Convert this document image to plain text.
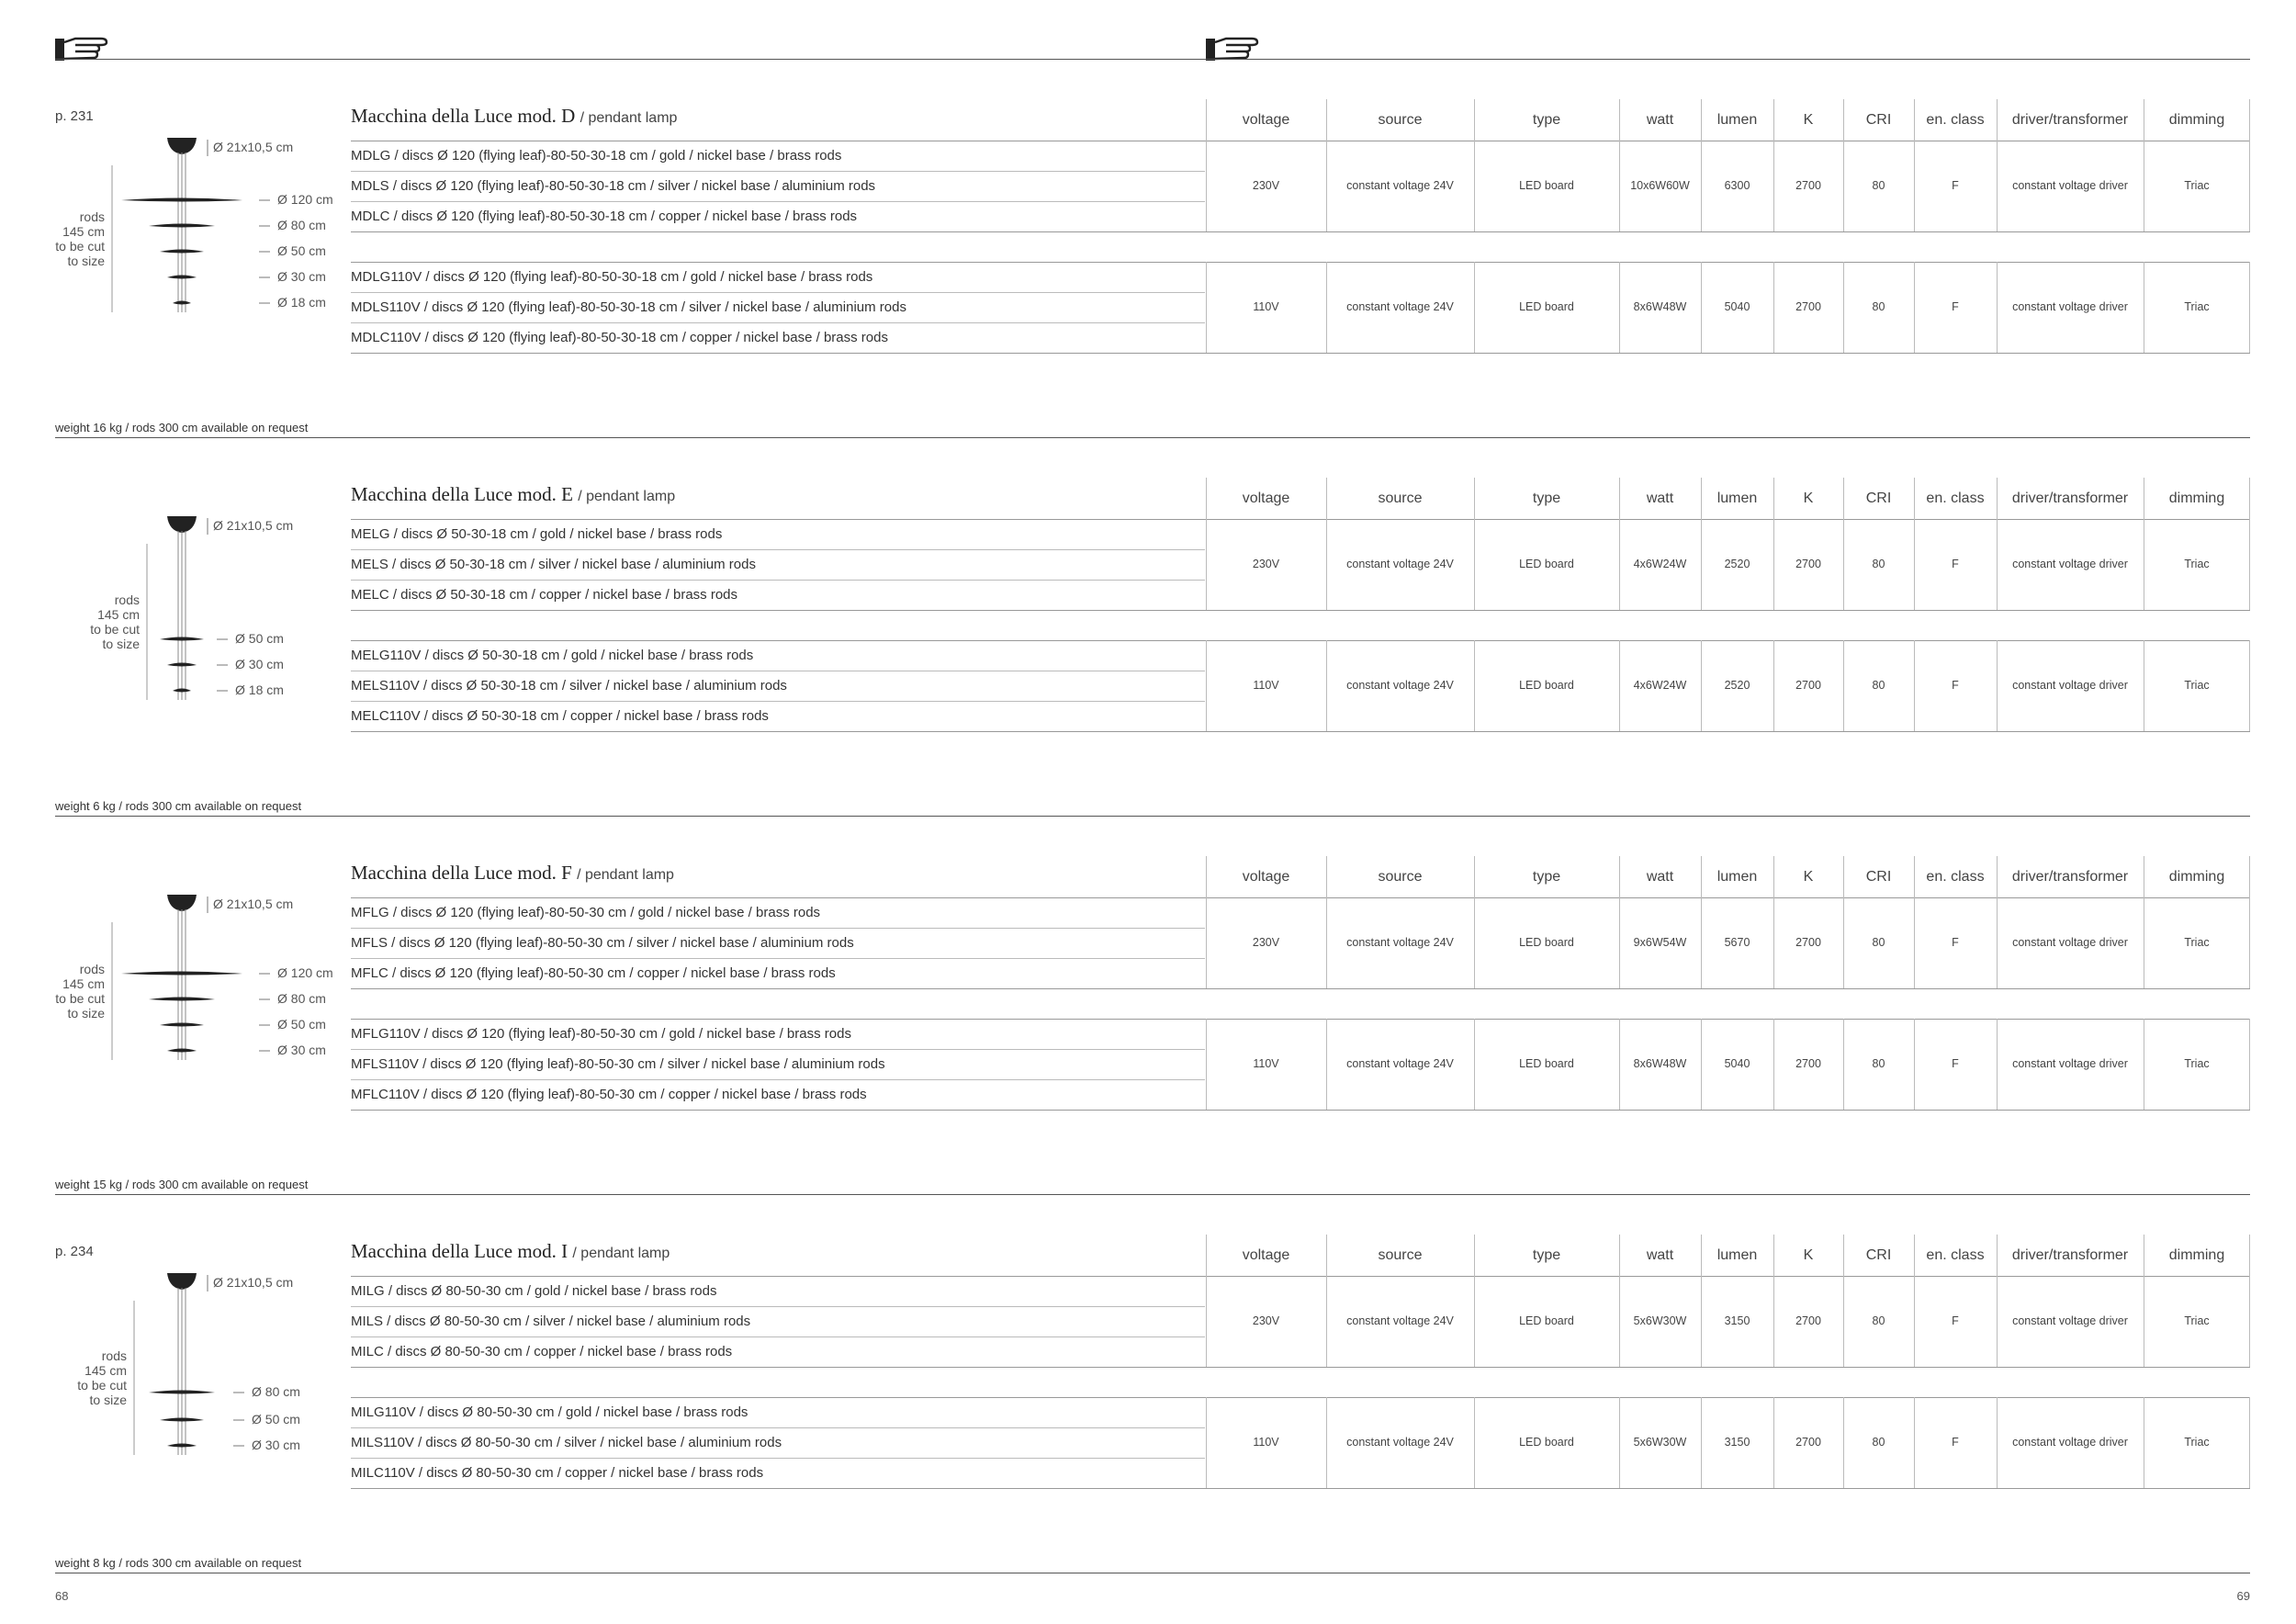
p. 231	Macchina della Luce mod. D / pendant lamp	voltage	source	type	watt	lumen	K	CRI	en. class	driver/transformer	dimming
MDLG / discs Ø 120 (flying leaf)-80-50-30-18 cm / gold / nickel base / brass rods
MDLS / discs Ø 120 (flying leaf)-80-50-30-18 cm / silver / nickel base / aluminium rods
MDLC / discs Ø 120 (flying leaf)-80-50-30-18 cm / copper / nickel base / brass rods
230V	constant voltage 24V	LED board	10x6W 60W	6300	2700	80	F	constant voltage driver	Triac
MDLG110V / discs Ø 120 (flying leaf)-80-50-30-18 cm / gold / nickel base / brass rods
MDLS110V / discs Ø 120 (flying leaf)-80-50-30-18 cm / silver / nickel base / aluminium rods
MDLC110V / discs Ø 120 (flying leaf)-80-50-30-18 cm / copper / nickel base / brass rods
110V	constant voltage 24V	LED board	8x6W 48W	5040	2700	80	F	constant voltage driver	Triac
weight 16 kg / rods 300 cm available on request
Ø 120 cm
Ø 80 cm
Ø 50 cm
Ø 30 cm
Ø 18 cm
Ø 21x10,5 cm
rods
145 cm
to be cut
to size
Macchina della Luce mod. E / pendant lamp	voltage	source	type	watt	lumen	K	CRI	en. class	driver/transformer	dimming
MELG / discs Ø 50-30-18 cm / gold / nickel base / brass rods
MELS / discs Ø 50-30-18 cm / silver / nickel base / aluminium rods
MELC / discs Ø 50-30-18 cm / copper / nickel base / brass rods
230V	constant voltage 24V	LED board	4x6W 24W	2520	2700	80	F	constant voltage driver	Triac
MELG110V / discs Ø 50-30-18 cm / gold / nickel base / brass rods
MELS110V / discs Ø 50-30-18 cm / silver / nickel base / aluminium rods
MELC110V / discs Ø 50-30-18 cm / copper / nickel base / brass rods
110V	constant voltage 24V	LED board	4x6W 24W	2520	2700	80	F	constant voltage driver	Triac
weight 6 kg / rods 300 cm available on request
Ø 50 cm
Ø 30 cm
Ø 18 cm
Ø 21x10,5 cm
rods
145 cm
to be cut
to size
Macchina della Luce mod. F / pendant lamp	voltage	source	type	watt	lumen	K	CRI	en. class	driver/transformer	dimming
MFLG / discs Ø 120 (flying leaf)-80-50-30 cm / gold / nickel base / brass rods
MFLS / discs Ø 120 (flying leaf)-80-50-30 cm / silver / nickel base / aluminium rods
MFLC / discs Ø 120 (flying leaf)-80-50-30 cm / copper / nickel base / brass rods
230V	constant voltage 24V	LED board	9x6W 54W	5670	2700	80	F	constant voltage driver	Triac
MFLG110V / discs Ø 120 (flying leaf)-80-50-30 cm / gold / nickel base / brass rods
MFLS110V / discs Ø 120 (flying leaf)-80-50-30 cm / silver / nickel base / aluminium rods
MFLC110V / discs Ø 120 (flying leaf)-80-50-30 cm / copper / nickel base / brass rods
110V	constant voltage 24V	LED board	8x6W 48W	5040	2700	80	F	constant voltage driver	Triac
weight 15 kg / rods 300 cm available on request
Ø 120 cm
Ø 80 cm
Ø 50 cm
Ø 30 cm
Ø 21x10,5 cm
rods
145 cm
to be cut
to size
p. 234	Macchina della Luce mod. I / pendant lamp	voltage	source	type	watt	lumen	K	CRI	en. class	driver/transformer	dimming
MILG / discs Ø 80-50-30 cm / gold / nickel base / brass rods
MILS / discs Ø 80-50-30 cm / silver / nickel base / aluminium rods
MILC / discs Ø 80-50-30 cm / copper / nickel base / brass rods
230V	constant voltage 24V	LED board	5x6W 30W	3150	2700	80	F	constant voltage driver	Triac
MILG110V / discs Ø 80-50-30 cm / gold / nickel base / brass rods
MILS110V / discs Ø 80-50-30 cm / silver / nickel base / aluminium rods
MILC110V / discs Ø 80-50-30 cm / copper / nickel base / brass rods
110V	constant voltage 24V	LED board	5x6W 30W	3150	2700	80	F	constant voltage driver	Triac
weight 8 kg / rods 300 cm available on request
Ø 80 cm
Ø 50 cm
Ø 30 cm
Ø 21x10,5 cm
rods
145 cm
to be cut
to size
68	69
